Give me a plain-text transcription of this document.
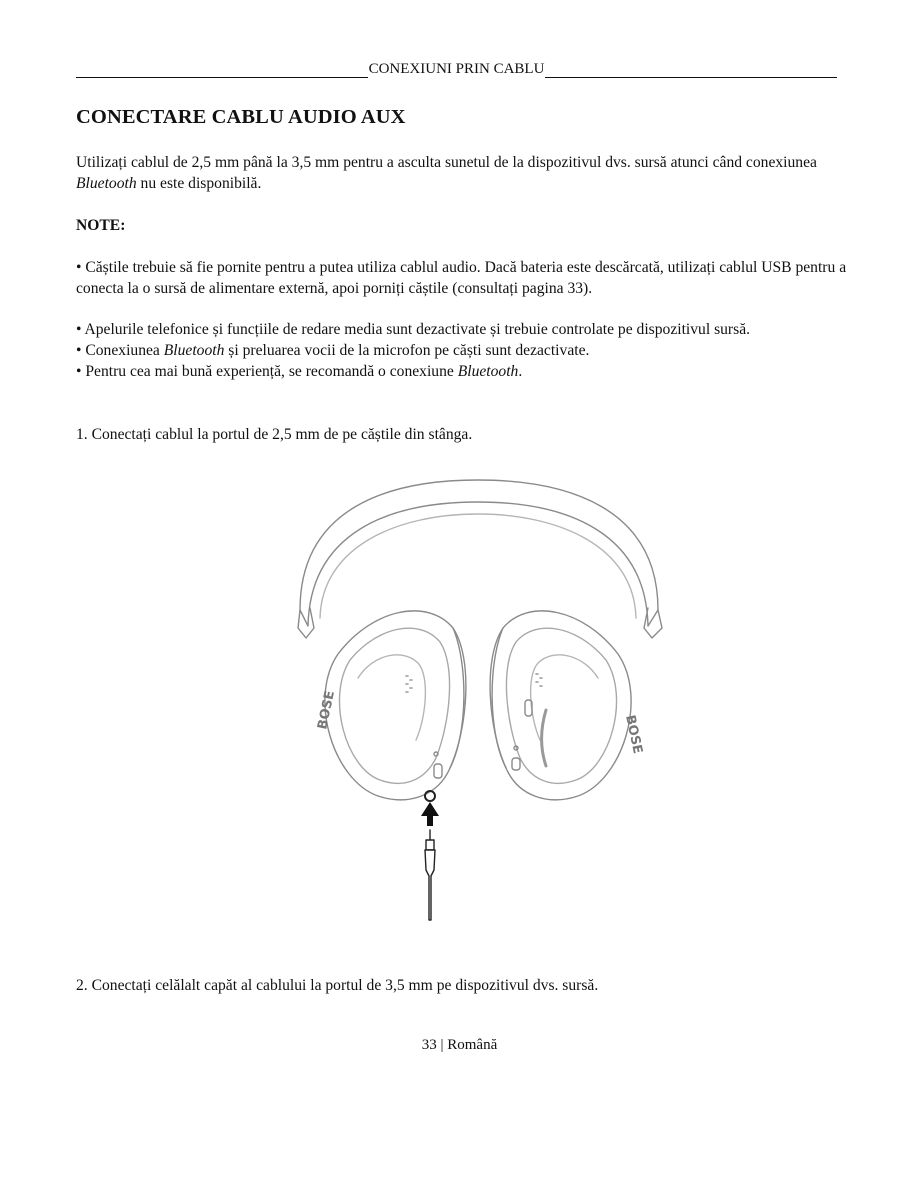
CONEXIUNI PRIN CABLU
CONECTARE CABLU AUDIO AUX

Utilizați cablul de 2,5 mm până la 3,5 mm pentru a asculta sunetul de la dispozitivul dvs. sursă atunci când conexiunea Bluetooth nu este disponibilă.

NOTE:

• Căștile trebuie să fie pornite pentru a putea utiliza cablul audio. Dacă bateria este descărcată, utilizați cablul USB pentru a conecta la o sursă de alimentare externă, apoi porniți căștile (consultați pagina 33).

• Apelurile telefonice și funcțiile de redare media sunt dezactivate și trebuie controlate pe dispozitivul sursă.
• Conexiunea Bluetooth și preluarea vocii de la microfon pe căști sunt dezactivate.
• Pentru cea mai bună experiență, se recomandă o conexiune Bluetooth.

1. Conectați cablul la portul de 2,5 mm de pe căștile din stânga.

BOSE
BOSE

2. Conectați celălalt capăt al cablului la portul de 3,5 mm pe dispozitivul dvs. sursă.

33 | Română
